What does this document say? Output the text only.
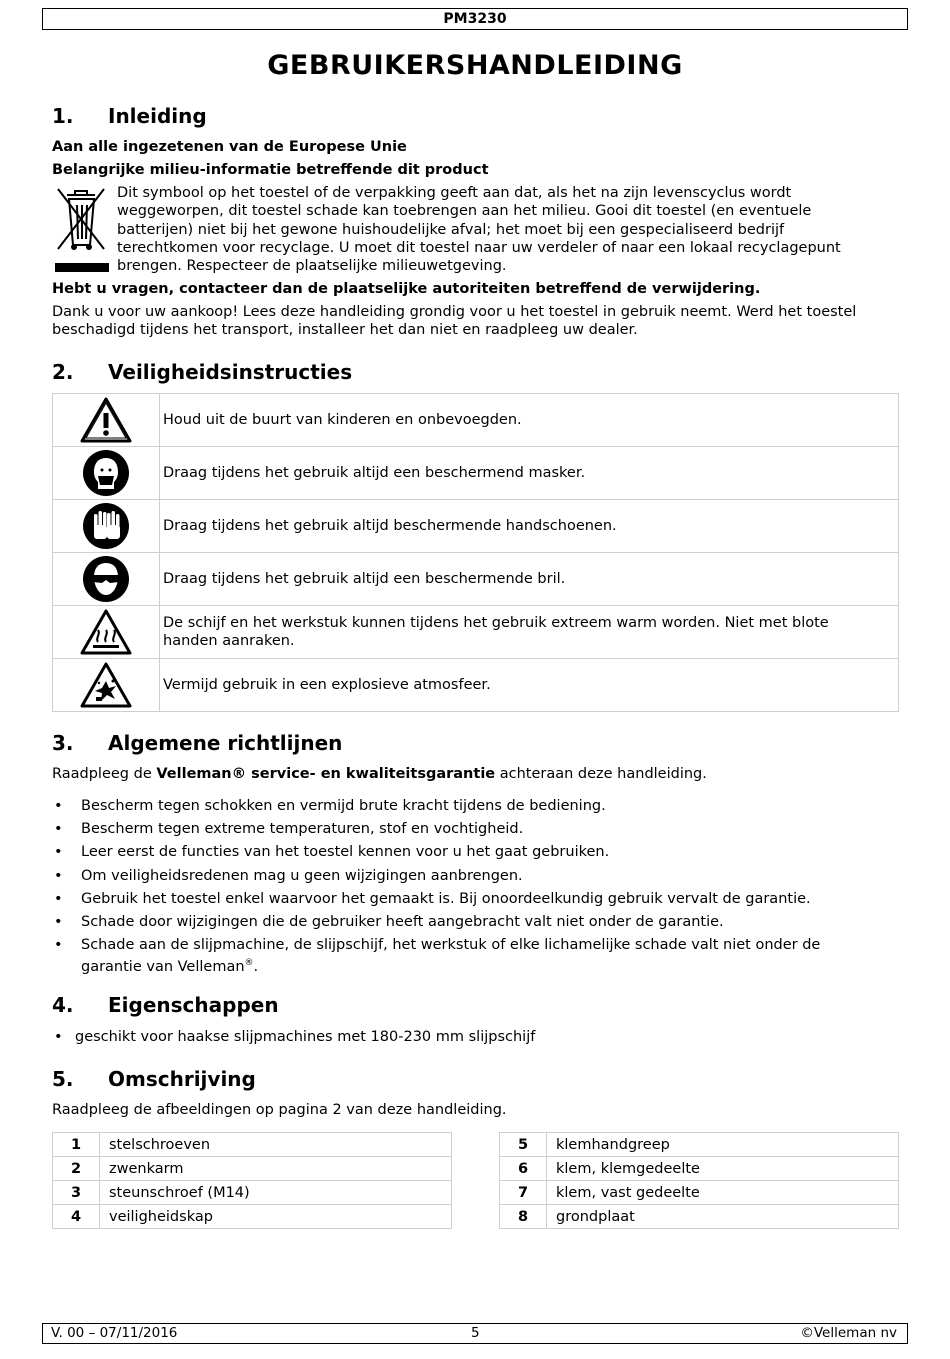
PM3230
GEBRUIKERSHANDLEIDING
1. Inleiding
Aan alle ingezetenen van de Europese Unie
Belangrijke milieu-informatie betreffende dit product
Dit symbool op het toestel of de verpakking geeft aan dat, als het na zijn levenscyclus wordt
weggeworpen, dit toestel schade kan toebrengen aan het milieu. Gooi dit toestel (en eventuele
batterijen) niet bij het gewone huishoudelijke afval; het moet bij een gespecialiseerd bedrijf
terechtkomen voor recyclage. U moet dit toestel naar uw verdeler of naar een lokaal recyclagepunt
brengen. Respecteer de plaatselijke milieuwetgeving.
Hebt u vragen, contacteer dan de plaatselijke autoriteiten betreffend de verwijdering.
Dank u voor uw aankoop! Lees deze handleiding grondig voor u het toestel in gebruik neemt. Werd het toestel
beschadigd tijdens het transport, installeer het dan niet en raadpleeg uw dealer.
2. Veiligheidsinstructies

Houd uit de buurt van kinderen en onbevoegden.

Draag tijdens het gebruik altijd een beschermend masker.

Draag tijdens het gebruik altijd beschermende handschoenen.

Draag tijdens het gebruik altijd een beschermende bril.

De schijf en het werkstuk kunnen tijdens het gebruik extreem warm worden. Niet met blote
handen aanraken.

Vermijd gebruik in een explosieve atmosfeer.
3. Algemene richtlijnen
Raadpleeg de Velleman® service- en kwaliteitsgarantie achteraan deze handleiding.
• Bescherm tegen schokken en vermijd brute kracht tijdens de bediening.
• Bescherm tegen extreme temperaturen, stof en vochtigheid.
• Leer eerst de functies van het toestel kennen voor u het gaat gebruiken.
• Om veiligheidsredenen mag u geen wijzigingen aanbrengen.
• Gebruik het toestel enkel waarvoor het gemaakt is. Bij onoordeelkundig gebruik vervalt de garantie.
• Schade door wijzigingen die de gebruiker heeft aangebracht valt niet onder de garantie.
• Schade aan de slijpmachine, de slijpschijf, het werkstuk of elke lichamelijke schade valt niet onder de
garantie van Velleman®.
4. Eigenschappen
• geschikt voor haakse slijpmachines met 180-230 mm slijpschijf
5. Omschrijving
Raadpleeg de afbeeldingen op pagina 2 van deze handleiding.
1	stelschroeven
2	zwenkarm
3	steunschroef (M14)
4	veiligheidskap
5	klemhandgreep
6	klem, klemgedeelte
7	klem, vast gedeelte
8	grondplaat
V. 00 – 07/11/2016	5	©Velleman nv
